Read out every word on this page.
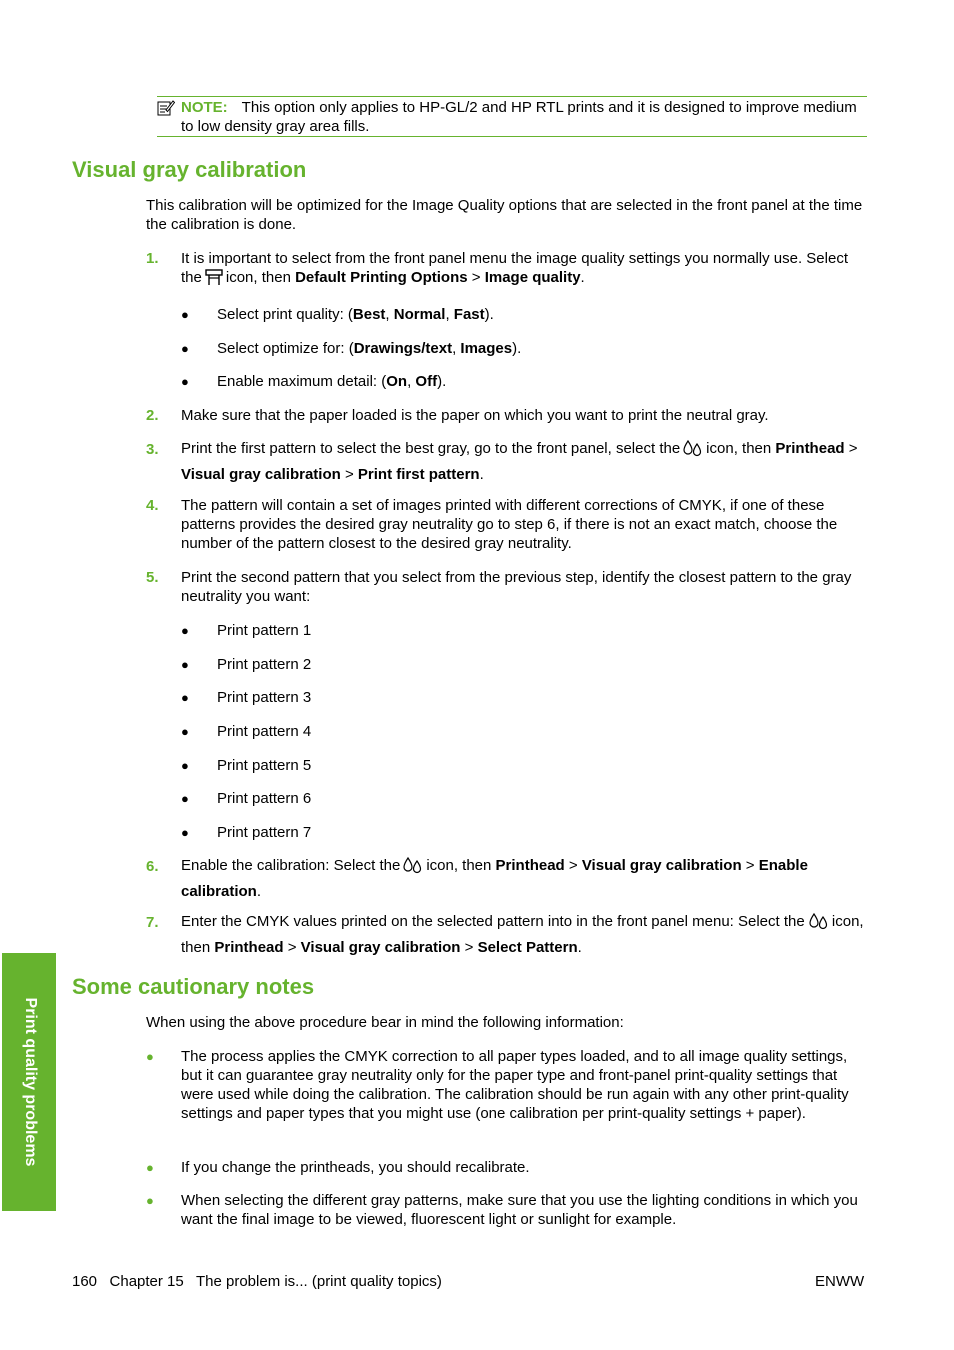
NOTE: This option only applies to HP-GL/2 and HP RTL prints and it is designed to improve medium to low density gray area fills.
Visual gray calibration
This calibration will be optimized for the Image Quality options that are selected in the front panel at the time the calibration is done.
1. It is important to select from the front panel menu the image quality settings you normally use. Select the icon, then Default Printing Options > Image quality.
● Select print quality: (Best, Normal, Fast).
● Select optimize for: (Drawings/text, Images).
● Enable maximum detail: (On, Off).
2. Make sure that the paper loaded is the paper on which you want to print the neutral gray.
3. Print the first pattern to select the best gray, go to the front panel, select the icon, then Printhead > Visual gray calibration > Print first pattern.
4. The pattern will contain a set of images printed with different corrections of CMYK, if one of these patterns provides the desired gray neutrality go to step 6, if there is not an exact match, choose the number of the pattern closest to the desired gray neutrality.
5. Print the second pattern that you select from the previous step, identify the closest pattern to the gray neutrality you want:
● Print pattern 1
● Print pattern 2
● Print pattern 3
● Print pattern 4
● Print pattern 5
● Print pattern 6
● Print pattern 7
6. Enable the calibration: Select the icon, then Printhead > Visual gray calibration > Enable calibration.
7. Enter the CMYK values printed on the selected pattern into in the front panel menu: Select the icon, then Printhead > Visual gray calibration > Select Pattern.
Some cautionary notes
When using the above procedure bear in mind the following information:
● The process applies the CMYK correction to all paper types loaded, and to all image quality settings, but it can guarantee gray neutrality only for the paper type and front-panel print-quality settings that were used while doing the calibration. The calibration should be run again with any other print-quality settings and paper types that you might use (one calibration per print-quality settings + paper).
● If you change the printheads, you should recalibrate.
● When selecting the different gray patterns, make sure that you use the lighting conditions in which you want the final image to be viewed, fluorescent light or sunlight for example.
Print quality problems
160   Chapter 15   The problem is... (print quality topics)	ENWW
